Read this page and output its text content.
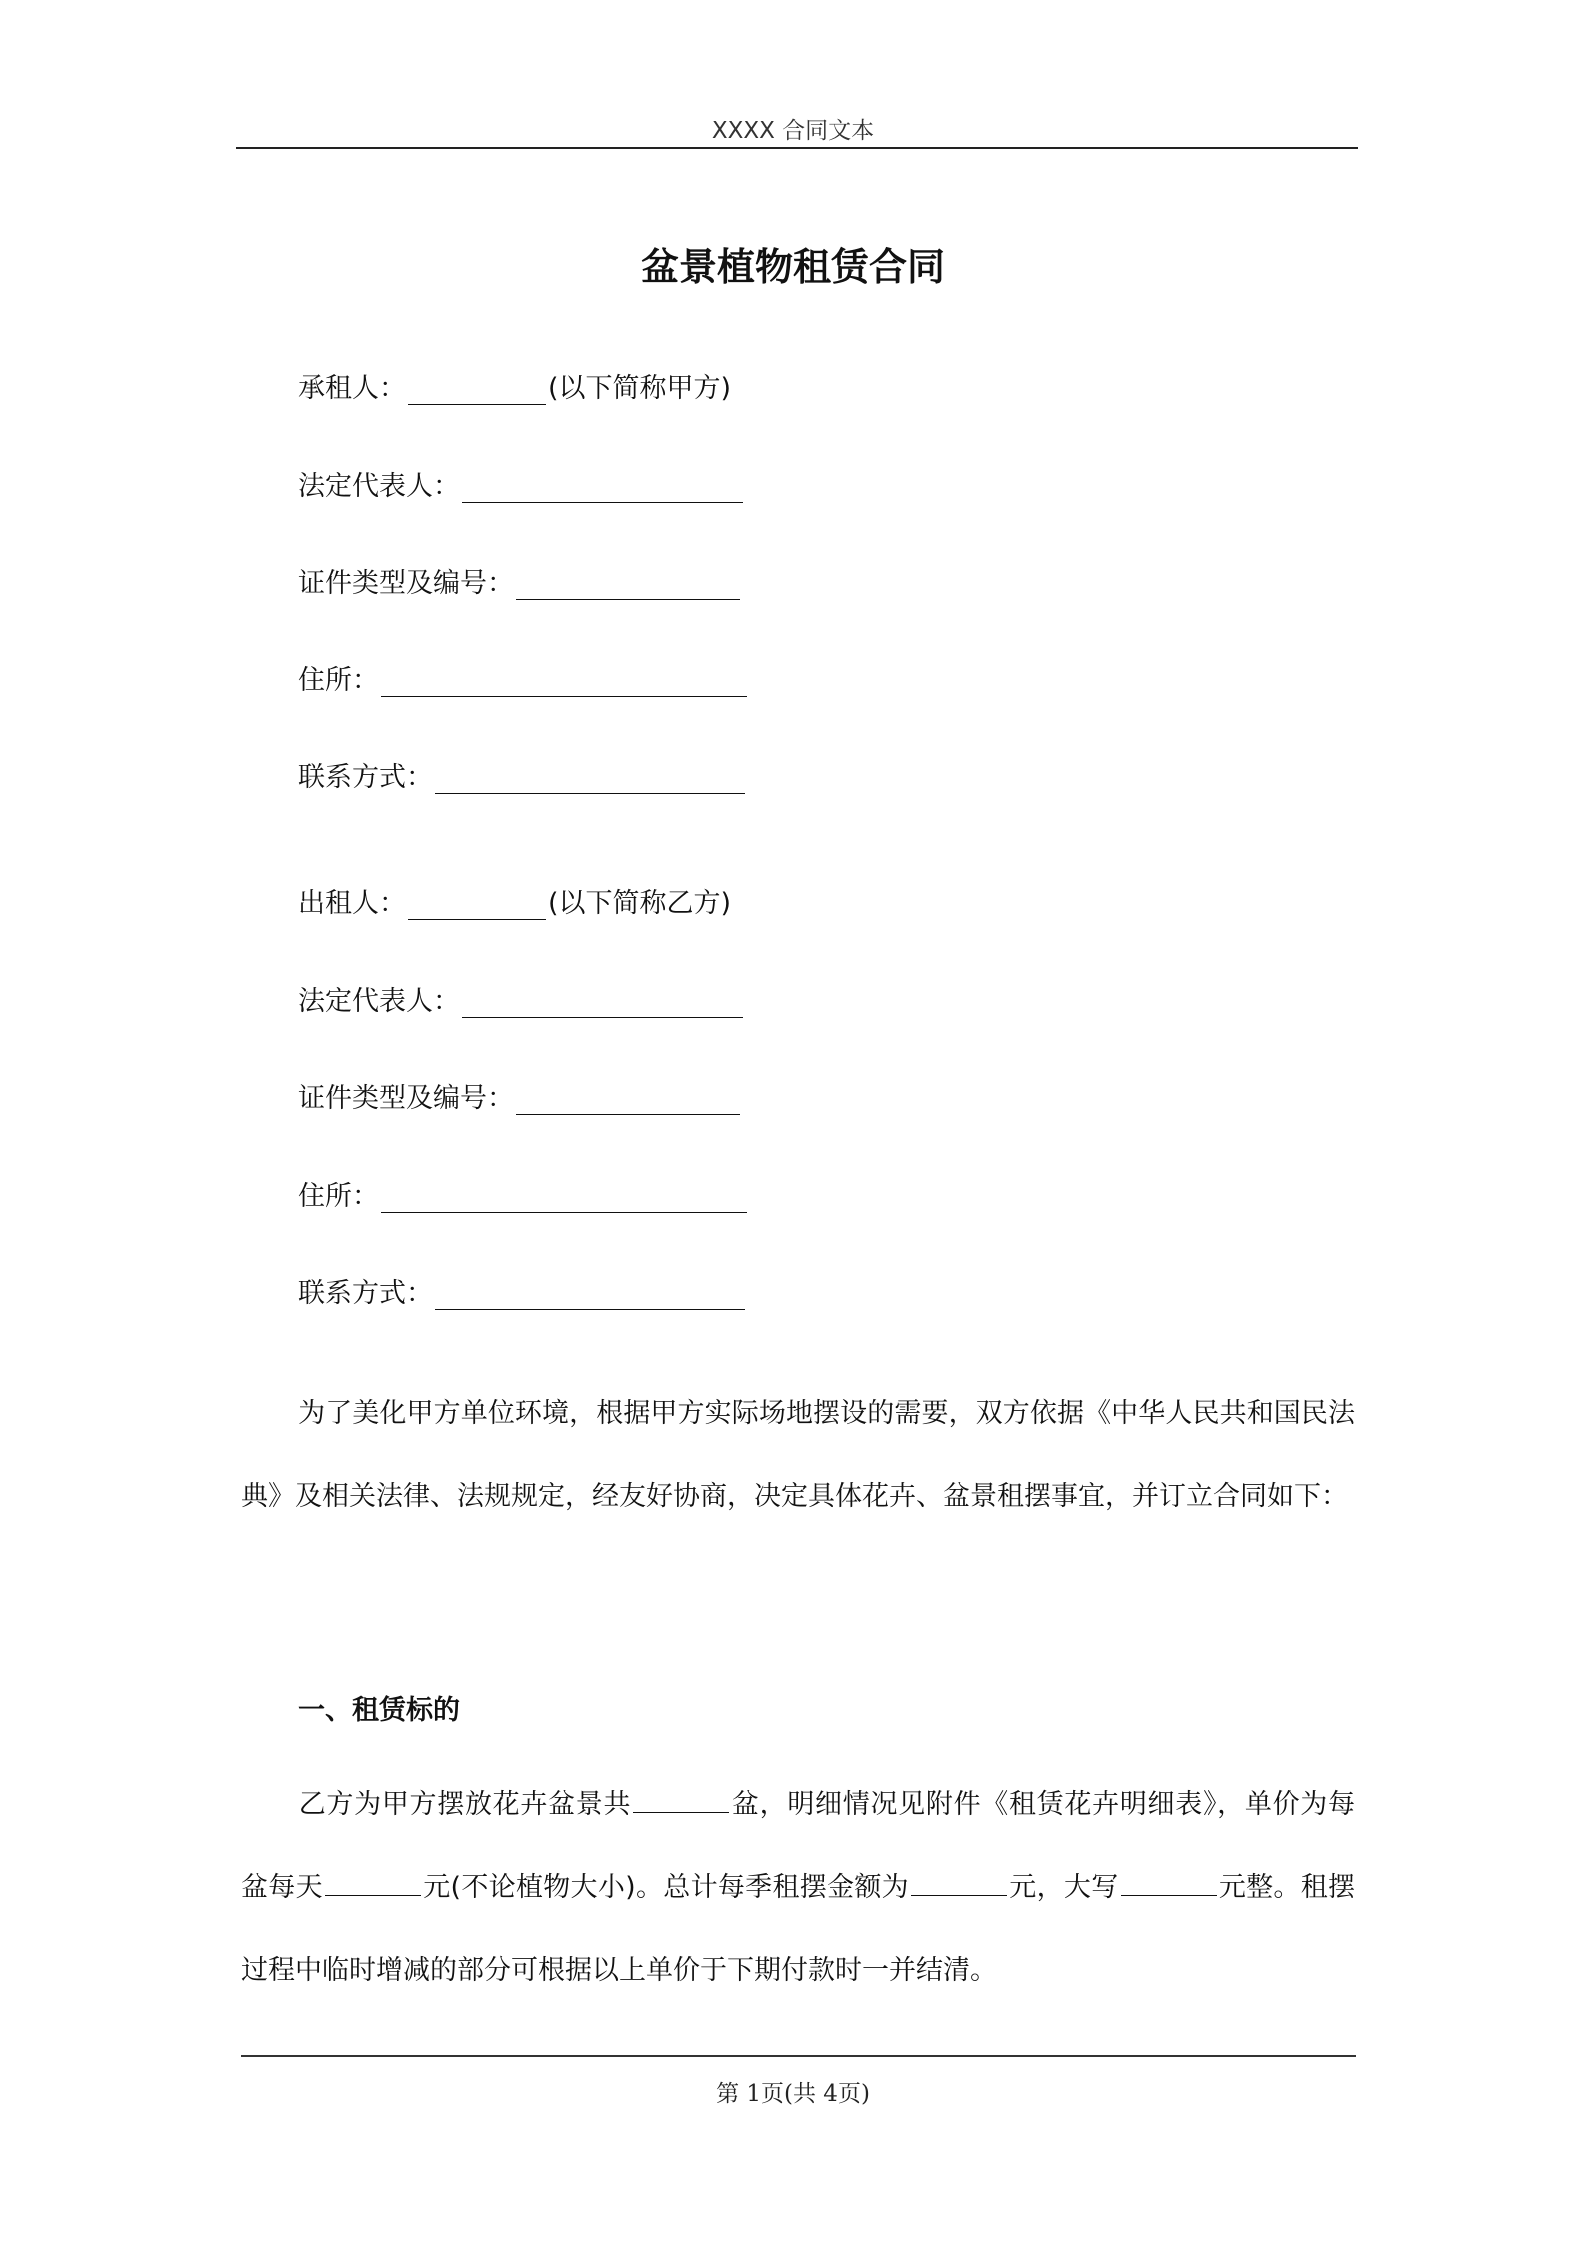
XXXX 合同文本
盆景植物租赁合同
承租人：	(以下简称甲方)
法定代表人：
证件类型及编号：
住所：
联系方式：
出租人：	(以下简称乙方)
法定代表人：
证件类型及编号：
住所：
联系方式：
为了美化甲方单位环境，根据甲方实际场地摆设的需要，双方依据《中华人民共和国民法典》及相关法律、法规规定，经友好协商，决定具体花卉、盆景租摆事宜，并订立合同如下：
一、租赁标的
乙方为甲方摆放花卉盆景共	盆，明细情况见附件《租赁花卉明细表》，单价为每盆每天	元(不论植物大小)。总计每季租摆金额为	元，大写	元整。租摆过程中临时增减的部分可根据以上单价于下期付款时一并结清。
第 1页(共 4页)
